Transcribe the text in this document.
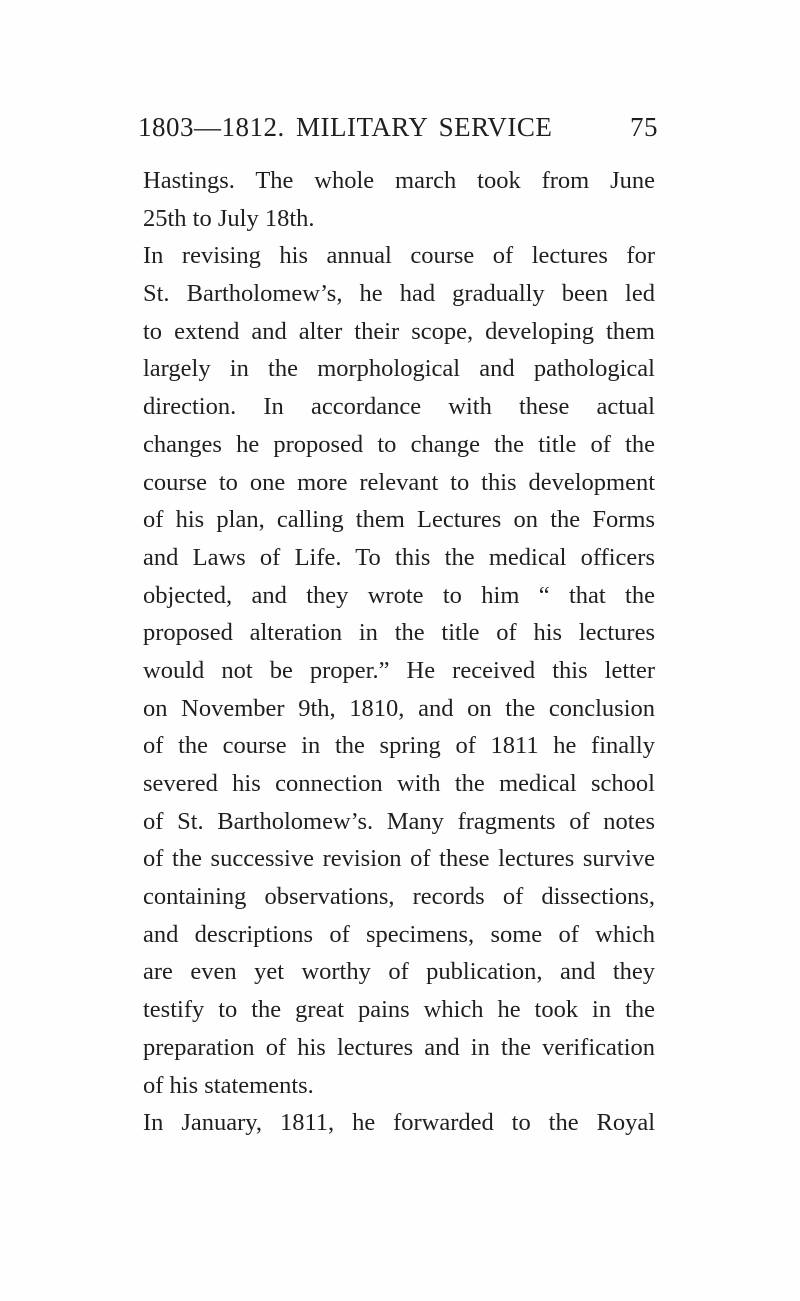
1803—1812. MILITARY SERVICE	75
Hastings. The whole march took from June
25th to July 18th.
In revising his annual course of lectures for
St. Bartholomew’s, he had gradually been led
to extend and alter their scope, developing them
largely in the morphological and pathological
direction. In accordance with these actual
changes he proposed to change the title of the
course to one more relevant to this development
of his plan, calling them Lectures on the Forms
and Laws of Life. To this the medical officers
objected, and they wrote to him “ that the
proposed alteration in the title of his lectures
would not be proper.” He received this letter
on November 9th, 1810, and on the conclusion
of the course in the spring of 1811 he finally
severed his connection with the medical school
of St. Bartholomew’s. Many fragments of notes
of the successive revision of these lectures survive
containing observations, records of dissections,
and descriptions of specimens, some of which
are even yet worthy of publication, and they
testify to the great pains which he took in the
preparation of his lectures and in the verification
of his statements.
In January, 1811, he forwarded to the Royal
